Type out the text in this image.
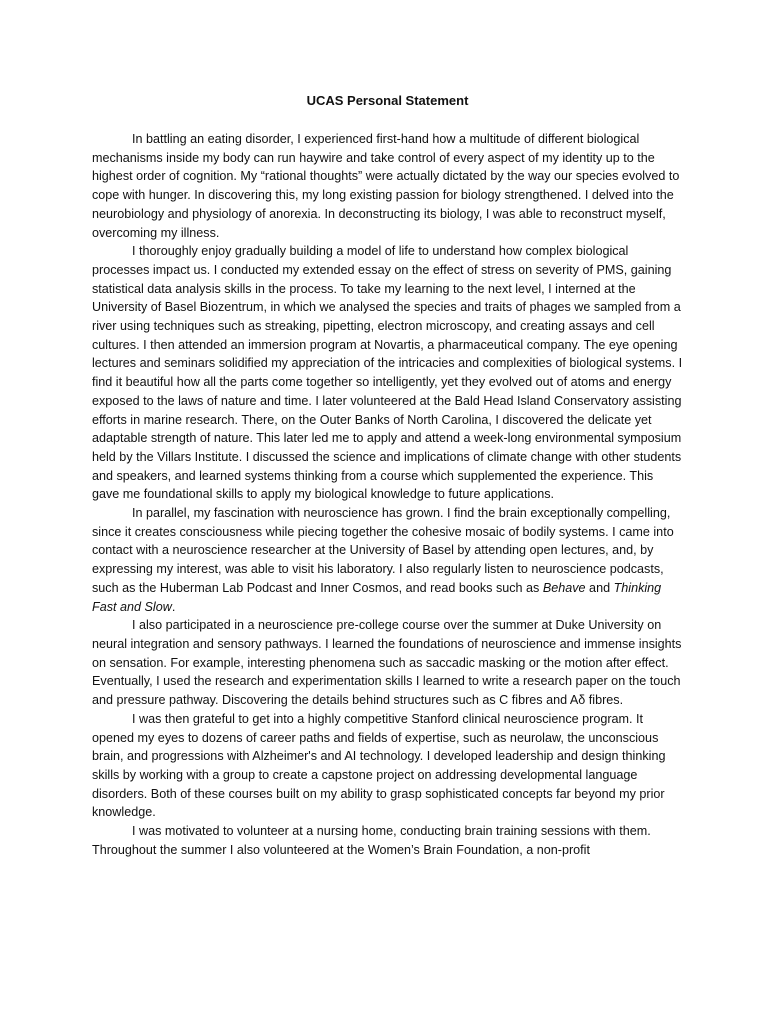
UCAS Personal Statement

In battling an eating disorder, I experienced first-hand how a multitude of different biological mechanisms inside my body can run haywire and take control of every aspect of my identity up to the highest order of cognition. My “rational thoughts” were actually dictated by the way our species evolved to cope with hunger. In discovering this, my long existing passion for biology strengthened. I delved into the neurobiology and physiology of anorexia. In deconstructing its biology, I was able to reconstruct myself, overcoming my illness.

I thoroughly enjoy gradually building a model of life to understand how complex biological processes impact us. I conducted my extended essay on the effect of stress on severity of PMS, gaining statistical data analysis skills in the process. To take my learning to the next level, I interned at the University of Basel Biozentrum, in which we analysed the species and traits of phages we sampled from a river using techniques such as streaking, pipetting, electron microscopy, and creating assays and cell cultures. I then attended an immersion program at Novartis, a pharmaceutical company. The eye opening lectures and seminars solidified my appreciation of the intricacies and complexities of biological systems. I find it beautiful how all the parts come together so intelligently, yet they evolved out of atoms and energy exposed to the laws of nature and time. I later volunteered at the Bald Head Island Conservatory assisting efforts in marine research. There, on the Outer Banks of North Carolina, I discovered the delicate yet adaptable strength of nature. This later led me to apply and attend a week-long environmental symposium held by the Villars Institute. I discussed the science and implications of climate change with other students and speakers, and learned systems thinking from a course which supplemented the experience. This gave me foundational skills to apply my biological knowledge to future applications.

In parallel, my fascination with neuroscience has grown. I find the brain exceptionally compelling, since it creates consciousness while piecing together the cohesive mosaic of bodily systems. I came into contact with a neuroscience researcher at the University of Basel by attending open lectures, and, by expressing my interest, was able to visit his laboratory. I also regularly listen to neuroscience podcasts, such as the Huberman Lab Podcast and Inner Cosmos, and read books such as Behave and Thinking Fast and Slow.

I also participated in a neuroscience pre-college course over the summer at Duke University on neural integration and sensory pathways. I learned the foundations of neuroscience and immense insights on sensation. For example, interesting phenomena such as saccadic masking or the motion after effect. Eventually, I used the research and experimentation skills I learned to write a research paper on the touch and pressure pathway. Discovering the details behind structures such as C fibres and Aδ fibres.

I was then grateful to get into a highly competitive Stanford clinical neuroscience program. It opened my eyes to dozens of career paths and fields of expertise, such as neurolaw, the unconscious brain, and progressions with Alzheimer's and AI technology. I developed leadership and design thinking skills by working with a group to create a capstone project on addressing developmental language disorders. Both of these courses built on my ability to grasp sophisticated concepts far beyond my prior knowledge.

I was motivated to volunteer at a nursing home, conducting brain training sessions with them. Throughout the summer I also volunteered at the Women’s Brain Foundation, a non-profit
